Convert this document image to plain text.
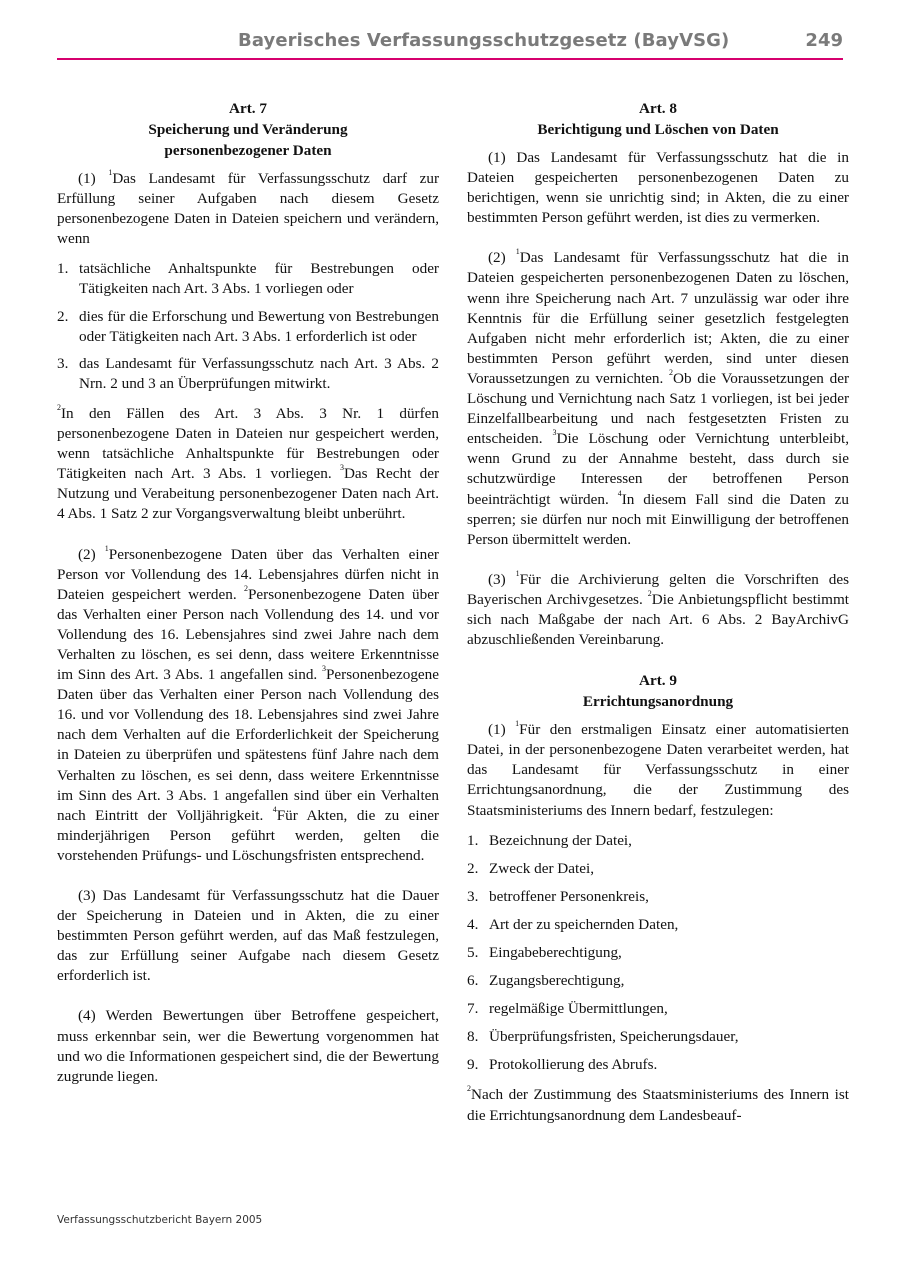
Bayerisches Verfassungsschutzgesetz (BayVSG)	249
Art. 7
Speicherung und Veränderung
personenbezogener Daten

(1) $^1$Das Landesamt für Verfassungsschutz darf zur Erfüllung seiner Aufgaben nach diesem Gesetz personenbezogene Daten in Dateien speichern und verändern, wenn

1. tatsächliche Anhaltspunkte für Bestrebungen oder Tätigkeiten nach Art. 3 Abs. 1 vorliegen oder
2. dies für die Erforschung und Bewertung von Bestrebungen oder Tätigkeiten nach Art. 3 Abs. 1 erforderlich ist oder
3. das Landesamt für Verfassungsschutz nach Art. 3 Abs. 2 Nrn. 2 und 3 an Überprüfungen mitwirkt.

$^2$In den Fällen des Art. 3 Abs. 3 Nr. 1 dürfen personenbezogene Daten in Dateien nur gespeichert werden, wenn tatsächliche Anhaltspunkte für Bestrebungen oder Tätigkeiten nach Art. 3 Abs. 1 vorliegen. $^3$Das Recht der Nutzung und Verabeitung personenbezogener Daten nach Art. 4 Abs. 1 Satz 2 zur Vorgangsverwaltung bleibt unberührt.

(2) $^1$Personenbezogene Daten über das Verhalten einer Person vor Vollendung des 14. Lebensjahres dürfen nicht in Dateien gespeichert werden. $^2$Personenbezogene Daten über das Verhalten einer Person nach Vollendung des 14. und vor Vollendung des 16. Lebensjahres sind zwei Jahre nach dem Verhalten zu löschen, es sei denn, dass weitere Erkenntnisse im Sinn des Art. 3 Abs. 1 angefallen sind. $^3$Personenbezogene Daten über das Verhalten einer Person nach Vollendung des 16. und vor Vollendung des 18. Lebensjahres sind zwei Jahre nach dem Verhalten auf die Erforderlichkeit der Speicherung in Dateien zu überprüfen und spätestens fünf Jahre nach dem Verhalten zu löschen, es sei denn, dass weitere Erkenntnisse im Sinn des Art. 3 Abs. 1 angefallen sind über ein Verhalten nach Eintritt der Volljährigkeit. $^4$Für Akten, die zu einer minderjährigen Person geführt werden, gelten die vorstehenden Prüfungs- und Löschungsfristen entsprechend.

(3) Das Landesamt für Verfassungsschutz hat die Dauer der Speicherung in Dateien und in Akten, die zu einer bestimmten Person geführt werden, auf das Maß festzulegen, das zur Erfüllung seiner Aufgabe nach diesem Gesetz erforderlich ist.

(4) Werden Bewertungen über Betroffene gespeichert, muss erkennbar sein, wer die Bewertung vorgenommen hat und wo die Informationen gespeichert sind, die der Bewertung zugrunde liegen.

Art. 8
Berichtigung und Löschen von Daten

(1) Das Landesamt für Verfassungsschutz hat die in Dateien gespeicherten personenbezogenen Daten zu berichtigen, wenn sie unrichtig sind; in Akten, die zu einer bestimmten Person geführt werden, ist dies zu vermerken.

(2) $^1$Das Landesamt für Verfassungsschutz hat die in Dateien gespeicherten personenbezogenen Daten zu löschen, wenn ihre Speicherung nach Art. 7 unzulässig war oder ihre Kenntnis für die Erfüllung seiner gesetzlich festgelegten Aufgaben nicht mehr erforderlich ist; Akten, die zu einer bestimmten Person geführt werden, sind unter diesen Voraussetzungen zu vernichten. $^2$Ob die Voraussetzungen der Löschung und Vernichtung nach Satz 1 vorliegen, ist bei jeder Einzelfallbearbeitung und nach festgesetzten Fristen zu entscheiden. $^3$Die Löschung oder Vernichtung unterbleibt, wenn Grund zu der Annahme besteht, dass durch sie schutzwürdige Interessen der betroffenen Person beeinträchtigt würden. $^4$In diesem Fall sind die Daten zu sperren; sie dürfen nur noch mit Einwilligung der betroffenen Person übermittelt werden.

(3) $^1$Für die Archivierung gelten die Vorschriften des Bayerischen Archivgesetzes. $^2$Die Anbietungspflicht bestimmt sich nach Maßgabe der nach Art. 6 Abs. 2 BayArchivG abzuschließenden Vereinbarung.

Art. 9
Errichtungsanordnung

(1) $^1$Für den erstmaligen Einsatz einer automatisierten Datei, in der personenbezogene Daten verarbeitet werden, hat das Landesamt für Verfassungsschutz in einer Errichtungsanordnung, die der Zustimmung des Staatsministeriums des Innern bedarf, festzulegen:

1. Bezeichnung der Datei,
2. Zweck der Datei,
3. betroffener Personenkreis,
4. Art der zu speichernden Daten,
5. Eingabeberechtigung,
6. Zugangsberechtigung,
7. regelmäßige Übermittlungen,
8. Überprüfungsfristen, Speicherungsdauer,
9. Protokollierung des Abrufs.

$^2$Nach der Zustimmung des Staatsministeriums des Innern ist die Errichtungsanordnung dem Landesbeauf-

Verfassungsschutzbericht Bayern 2005
